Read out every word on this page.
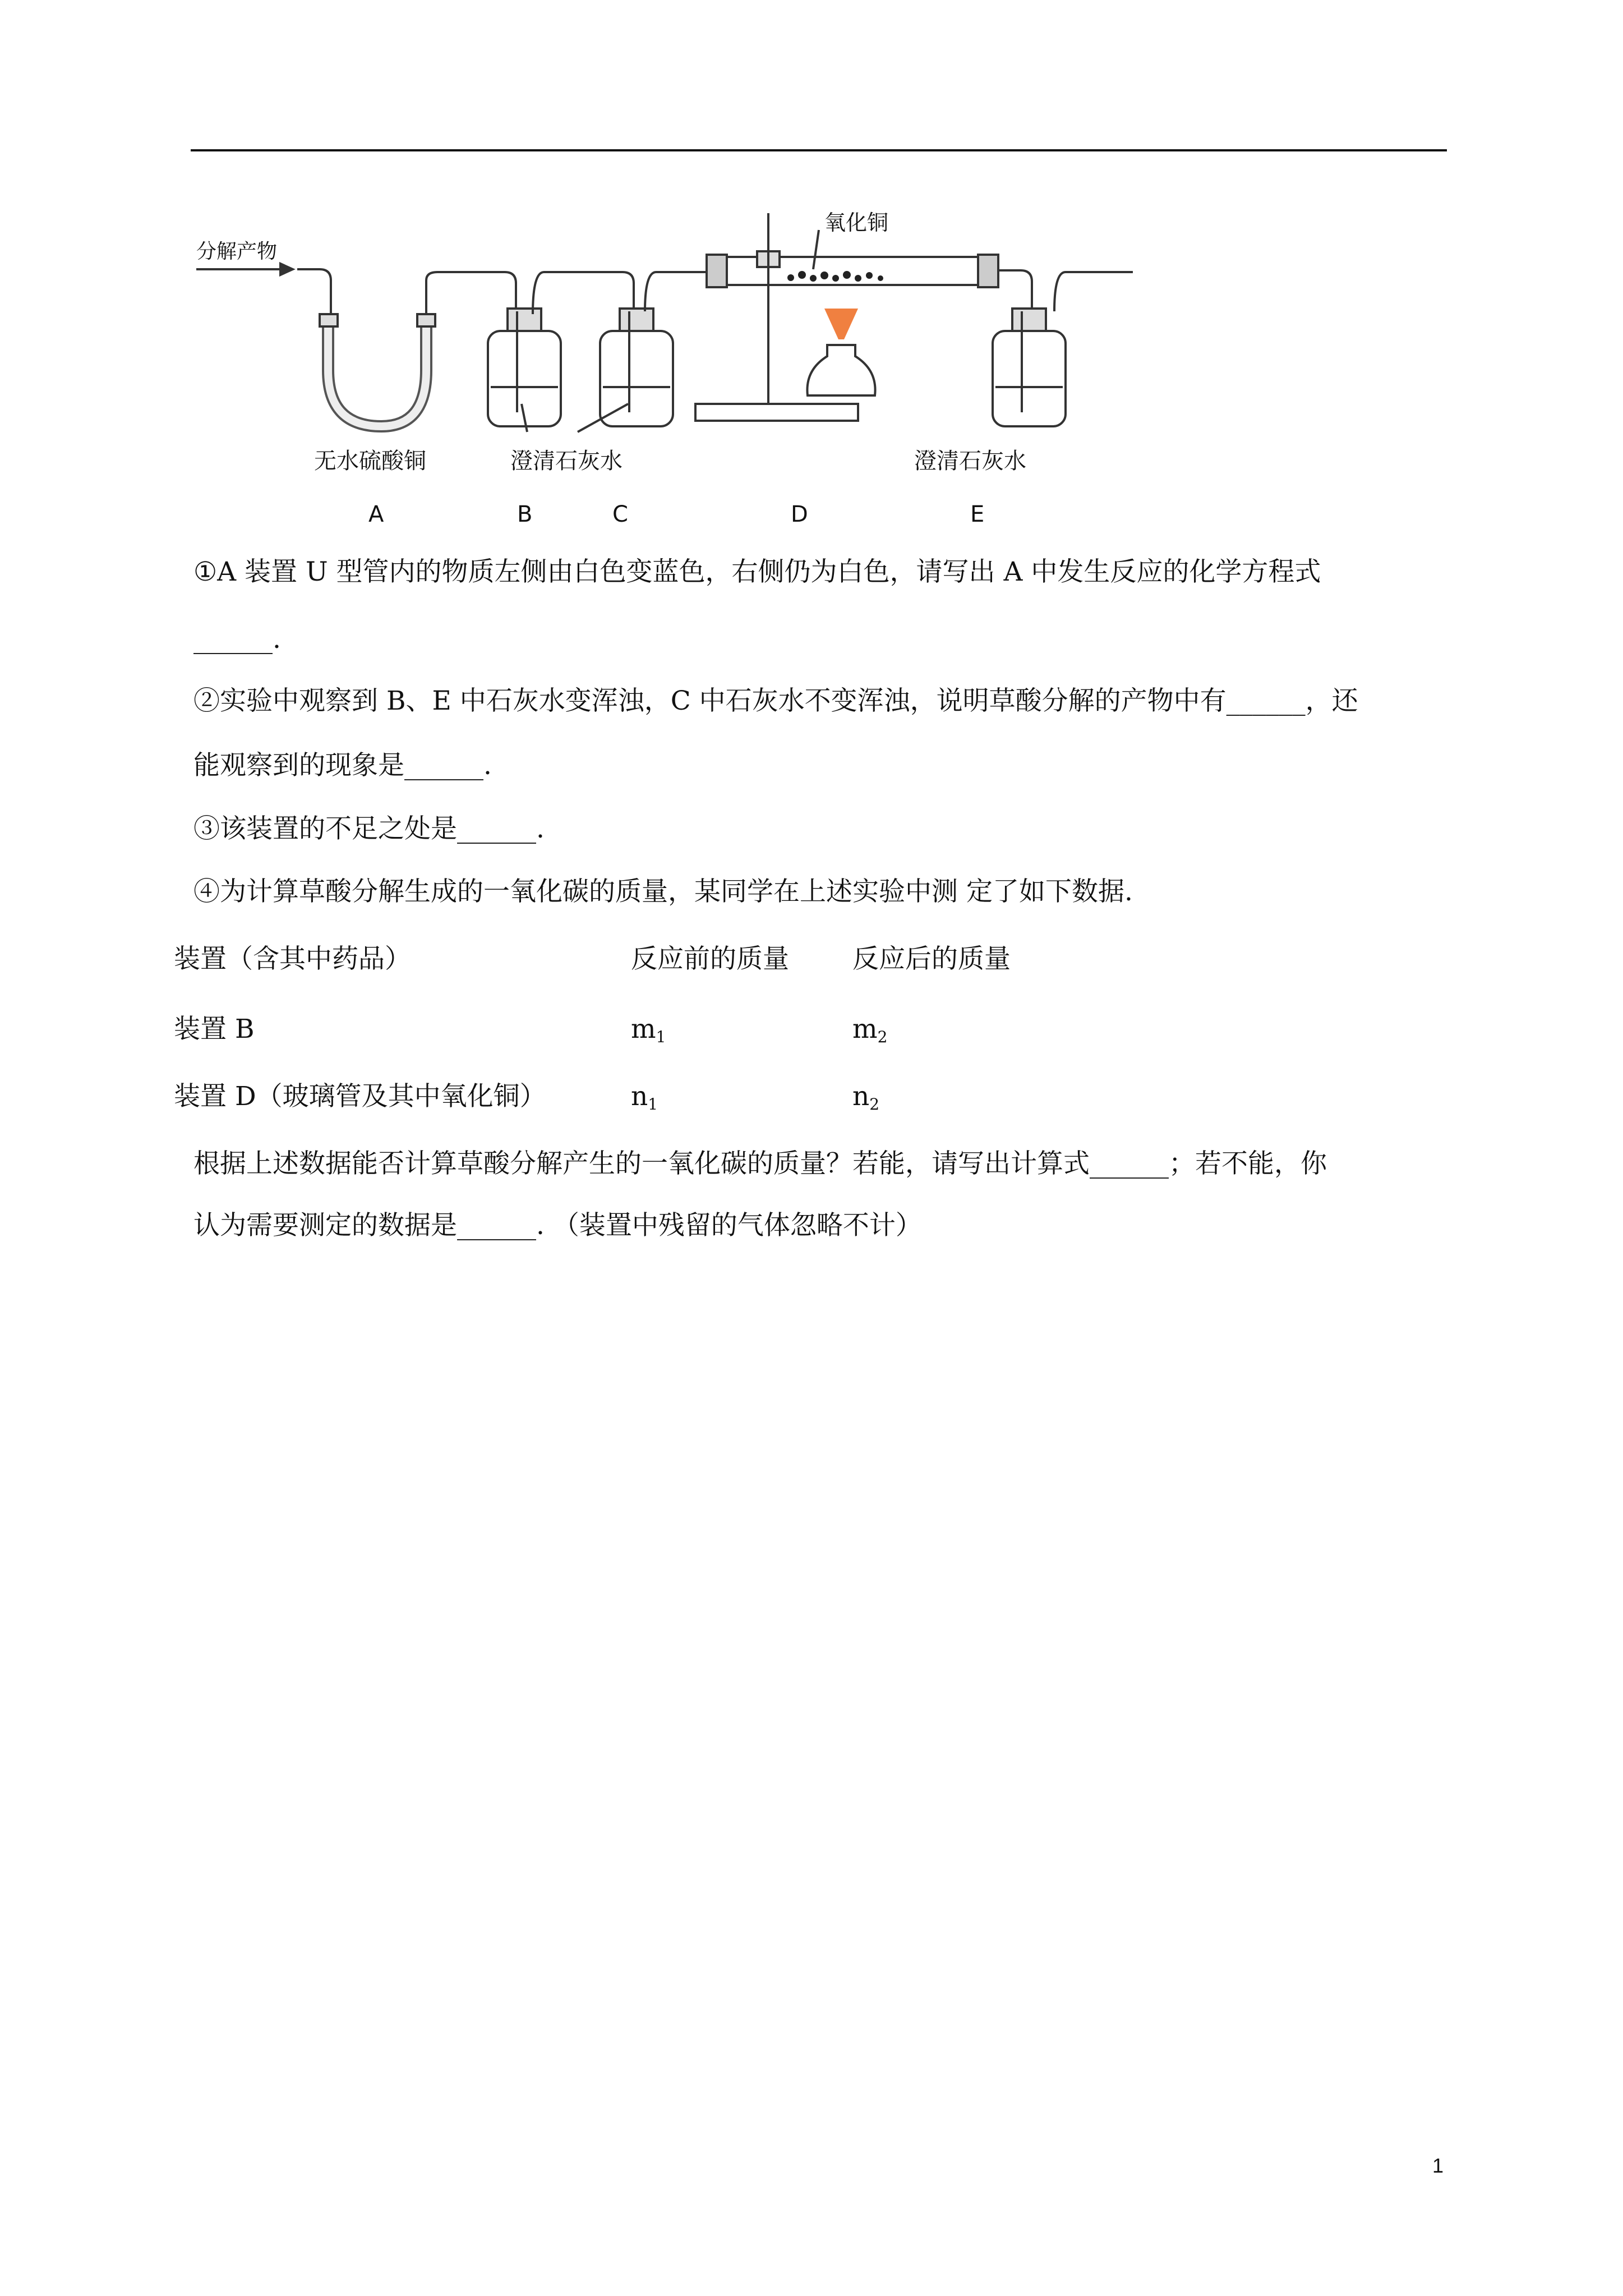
分解产物
氧化铜
无水硫酸铜	澄清石灰水	澄清石灰水
A	B	C	D	E
①A 装置 U 型管内的物质左侧由白色变蓝色，右侧仍为白色，请写出 A 中发生反应的化学方程式
______.
②实验中观察到 B、E 中石灰水变浑浊，C 中石灰水不变浑浊，说明草酸分解的产物中有______，还
能观察到的现象是______.
③该装置的不足之处是______.
④为计算草酸分解生成的一氧化碳的质量，某同学在上述实验中测 定了如下数据.
装置（含其中药品）	反应前的质量 反应后的质量
装置 B	$m_1$	$m_2$
装置 D（玻璃管及其中氧化铜）	$n_1$	$n_2$
根据上述数据能否计算草酸分解产生的一氧化碳的质量？若能，请写出计算式______；若不能，你
认为需要测定的数据是______. （装置中残留的气体忽略不计）
1
